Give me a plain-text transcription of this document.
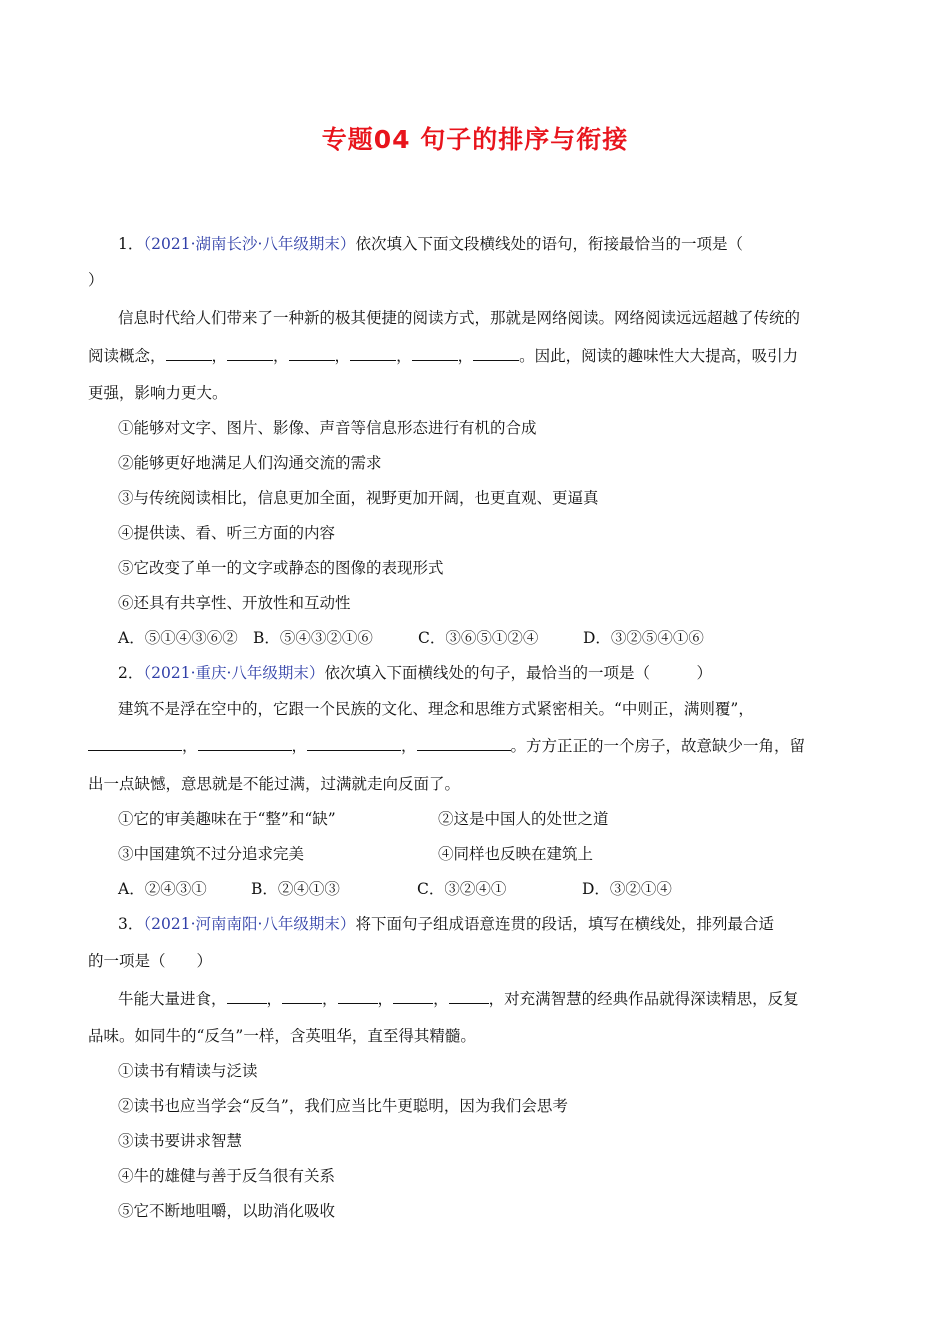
专题04 句子的排序与衔接
1．（2021·湖南长沙·八年级期末）依次填入下面文段横线处的语句，衔接最恰当的一项是（
）
信息时代给人们带来了一种新的极其便捷的阅读方式，那就是网络阅读。网络阅读远远超越了传统的
阅读概念，	，	，	，	，	，	。因此，阅读的趣味性大大提高，吸引力
更强，影响力更大。
①能够对文字、图片、影像、声音等信息形态进行有机的合成
②能够更好地满足人们沟通交流的需求
③与传统阅读相比，信息更加全面，视野更加开阔，也更直观、更逼真
④提供读、看、听三方面的内容
⑤它改变了单一的文字或静态的图像的表现形式
⑥还具有共享性、开放性和互动性
A．⑤①④③⑥② B．⑤④③②①⑥	C．③⑥⑤①②④	D．③②⑤④①⑥
2．（2021·重庆·八年级期末）依次填入下面横线处的句子，最恰当的一项是（　　　）
建筑不是浮在空中的，它跟一个民族的文化、理念和思维方式紧密相关。“中则正，满则覆”，
，	，	，	。方方正正的一个房子，故意缺少一角，留
出一点缺憾，意思就是不能过满，过满就走向反面了。
①它的审美趣味在于“整”和“缺”	②这是中国人的处世之道
③中国建筑不过分追求完美	④同样也反映在建筑上
A．②④③①	B．②④①③	C．③②④①	D．③②①④
3．（2021·河南南阳·八年级期末）将下面句子组成语意连贯的段话，填写在横线处，排列最合适
的一项是（　　）
牛能大量进食，	，	，	，	，	，对充满智慧的经典作品就得深读精思，反复
品味。如同牛的“反刍”一样，含英咀华，直至得其精髓。
①读书有精读与泛读
②读书也应当学会“反刍”，我们应当比牛更聪明，因为我们会思考
③读书要讲求智慧
④牛的雄健与善于反刍很有关系
⑤它不断地咀嚼，以助消化吸收
